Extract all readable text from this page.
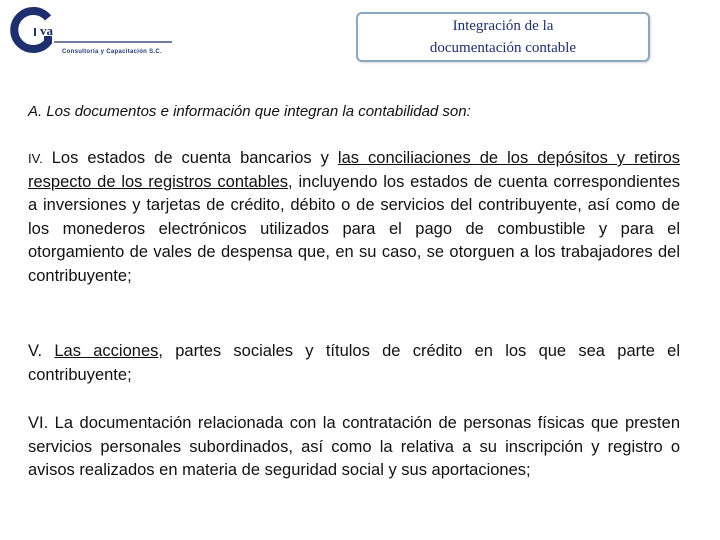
Consultoría y Capacitación S.C.
va	Integración de la
documentación contable
A. Los documentos e información que integran la contabilidad son:
IV. Los estados de cuenta bancarios y las conciliaciones de los depósitos y retiros respecto de los registros contables, incluyendo los estados de cuenta correspondientes a inversiones y tarjetas de crédito, débito o de servicios del contribuyente, así como de los monederos electrónicos utilizados para el pago de combustible y para el otorgamiento de vales de despensa que, en su caso, se otorguen a los trabajadores del contribuyente;
V. Las acciones, partes sociales y títulos de crédito en los que sea parte el contribuyente;
VI. La documentación relacionada con la contratación de personas físicas que presten servicios personales subordinados, así como la relativa a su inscripción y registro o avisos realizados en materia de seguridad social y sus aportaciones;
